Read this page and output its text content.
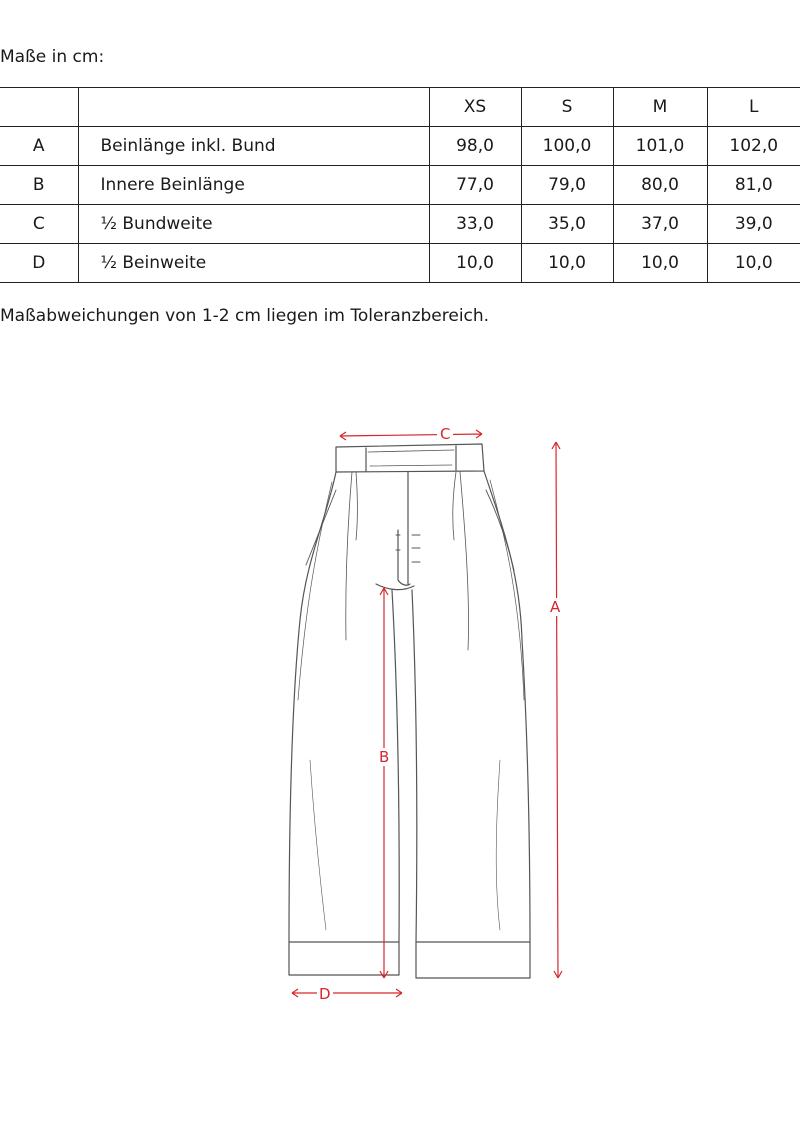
Maße in cm:
		XS	S	M	L
A	Beinlänge inkl. Bund	98,0	100,0	101,0	102,0
B	Innere Beinlänge	77,0	79,0	80,0	81,0
C	½ Bundweite	33,0	35,0	37,0	39,0
D	½ Beinweite	10,0	10,0	10,0	10,0
Maßabweichungen von 1-2 cm liegen im Toleranzbereich.
C
A
B
D
